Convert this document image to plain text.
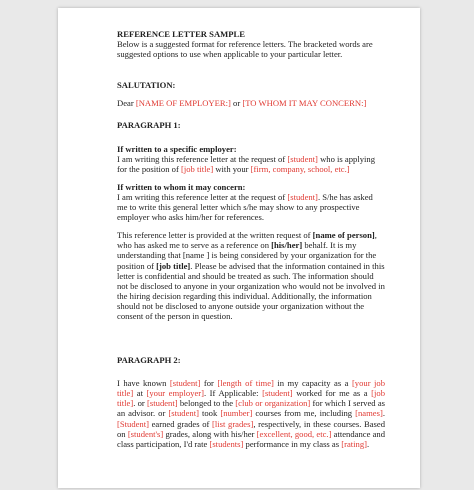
REFERENCE LETTER SAMPLE

Below is a suggested format for reference letters. The bracketed words are suggested options to use when applicable to your particular letter.

SALUTATION:

Dear [NAME OF EMPLOYER:] or [TO WHOM IT MAY CONCERN:]

PARAGRAPH 1:

If written to a specific employer:

I am writing this reference letter at the request of [student] who is applying for the position of [job title] with your [firm, company, school, etc.]

If written to whom it may concern:

I am writing this reference letter at the request of [student]. S/he has asked me to write this general letter which s/he may show to any prospective employer who asks him/her for references.

This reference letter is provided at the written request of [name of person], who has asked me to serve as a reference on [his/her] behalf. It is my understanding that [name ] is being considered by your organization for the position of [job title]. Please be advised that the information contained in this letter is confidential and should be treated as such. The information should not be disclosed to anyone in your organization who would not be involved in the hiring decision regarding this individual. Additionally, the information should not be disclosed to anyone outside your organization without the consent of the person in question.

PARAGRAPH 2:

I have known [student] for [length of time] in my capacity as a [your job title] at [your employer]. If Applicable: [student] worked for me as a [job title]. or [student] belonged to the [club or organization] for which I served as an advisor. or [student] took [number] courses from me, including [names]. [Student] earned grades of [list grades], respectively, in these courses. Based on [student's] grades, along with his/her [excellent, good, etc.] attendance and class participation, I'd rate [students] performance in my class as [rating].
